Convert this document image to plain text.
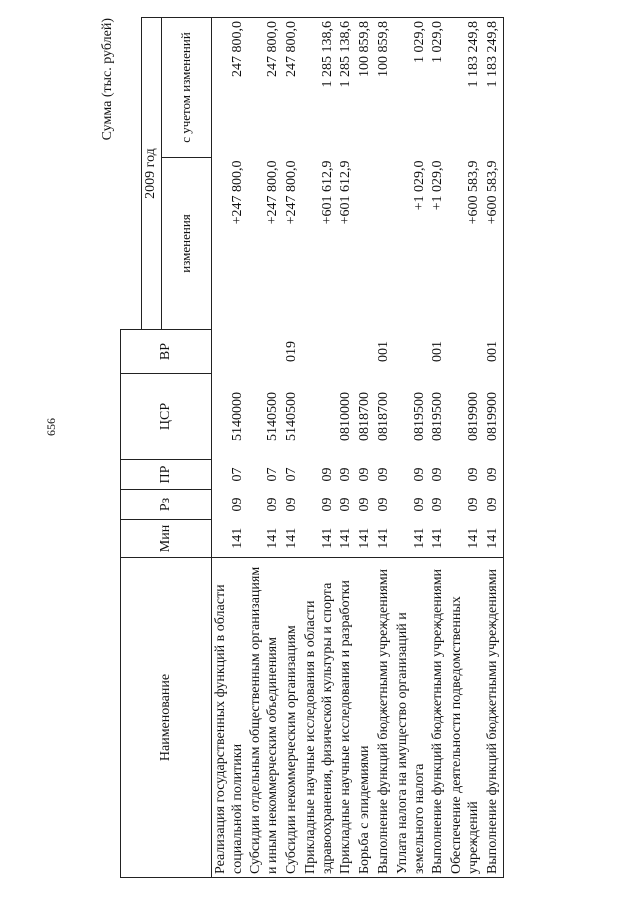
656
Сумма (тыс. рублей)
Наименование	Мин	Рз	ПР	ЦСР	ВР		
						2009 год	
						изменения	с учетом изменений
Реализация государственных функций в области социальной политики	141	09	07	5140000		+247 800,0	247 800,0
Субсидии отдельным общественным организациям и иным некоммерческим объединениям	141	09	07	5140500		+247 800,0	247 800,0
Субсидии некоммерческим организациям	141	09	07	5140500	019	+247 800,0	247 800,0
Прикладные научные исследования в области здравоохранения, физической культуры и спорта	141	09	09			+601 612,9	1 285 138,6
Прикладные научные исследования и разработки	141	09	09	0810000		+601 612,9	1 285 138,6
Борьба с эпидемиями	141	09	09	0818700			100 859,8
Выполнение функций бюджетными учреждениями	141	09	09	0818700	001		100 859,8
Уплата налога на имущество организаций и земельного налога	141	09	09	0819500		+1 029,0	1 029,0
Выполнение функций бюджетными учреждениями	141	09	09	0819500	001	+1 029,0	1 029,0
Обеспечение деятельности подведомственных учреждений	141	09	09	0819900		+600 583,9	1 183 249,8
Выполнение функций бюджетными учреждениями	141	09	09	0819900	001	+600 583,9	1 183 249,8
